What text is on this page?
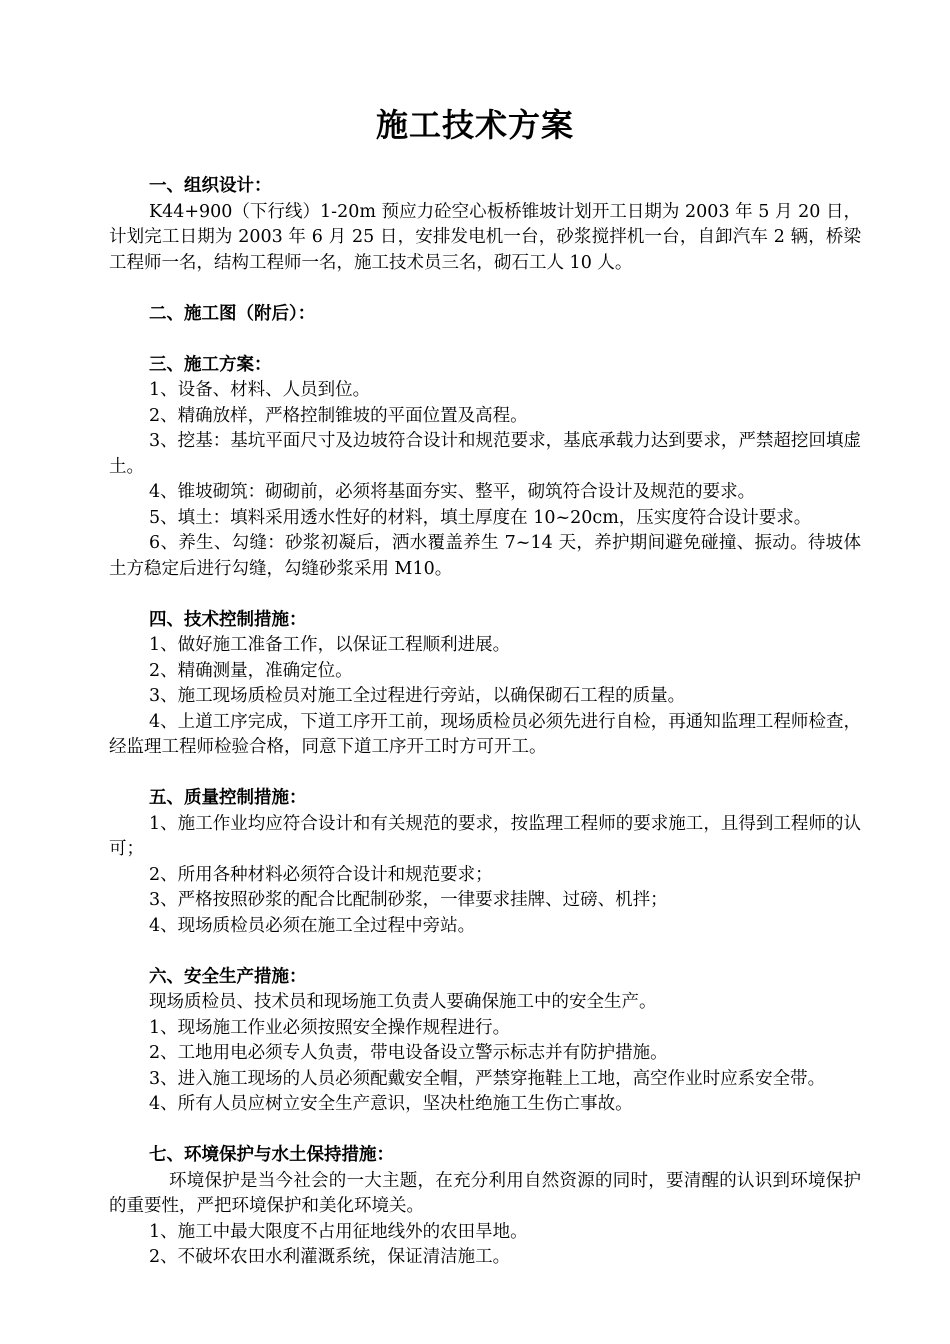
施工技术方案
一、组织设计：

K44+900（下行线）1-20m 预应力砼空心板桥锥坡计划开工日期为 2003 年 5 月 20 日，计划完工日期为 2003 年 6 月 25 日，安排发电机一台，砂浆搅拌机一台，自卸汽车 2 辆，桥梁工程师一名，结构工程师一名，施工技术员三名，砌石工人 10 人。

二、施工图（附后）：
三、施工方案：

1、设备、材料、人员到位。

2、精确放样，严格控制锥坡的平面位置及高程。

3、挖基：基坑平面尺寸及边坡符合设计和规范要求，基底承载力达到要求，严禁超挖回填虚土。

4、锥坡砌筑：砌砌前，必须将基面夯实、整平，砌筑符合设计及规范的要求。

5、填土：填料采用透水性好的材料，填土厚度在 10~20cm，压实度符合设计要求。

6、养生、勾缝：砂浆初凝后，洒水覆盖养生 7~14 天，养护期间避免碰撞、振动。待坡体土方稳定后进行勾缝，勾缝砂浆采用 M10。

四、技术控制措施：

1、做好施工准备工作，以保证工程顺利进展。

2、精确测量，准确定位。

3、施工现场质检员对施工全过程进行旁站，以确保砌石工程的质量。

4、上道工序完成，下道工序开工前，现场质检员必须先进行自检，再通知监理工程师检查，经监理工程师检验合格，同意下道工序开工时方可开工。

五、质量控制措施：

1、施工作业均应符合设计和有关规范的要求，按监理工程师的要求施工，且得到工程师的认可；

2、所用各种材料必须符合设计和规范要求；

3、严格按照砂浆的配合比配制砂浆，一律要求挂牌、过磅、机拌；

4、现场质检员必须在施工全过程中旁站。

六、安全生产措施：

现场质检员、技术员和现场施工负责人要确保施工中的安全生产。

1、现场施工作业必须按照安全操作规程进行。

2、工地用电必须专人负责，带电设备设立警示标志并有防护措施。

3、进入施工现场的人员必须配戴安全帽，严禁穿拖鞋上工地，高空作业时应系安全带。

4、所有人员应树立安全生产意识，坚决杜绝施工生伤亡事故。

七、环境保护与水土保持措施：

环境保护是当今社会的一大主题，在充分利用自然资源的同时，要清醒的认识到环境保护的重要性，严把环境保护和美化环境关。

1、施工中最大限度不占用征地线外的农田旱地。

2、不破坏农田水利灌溉系统，保证清洁施工。
